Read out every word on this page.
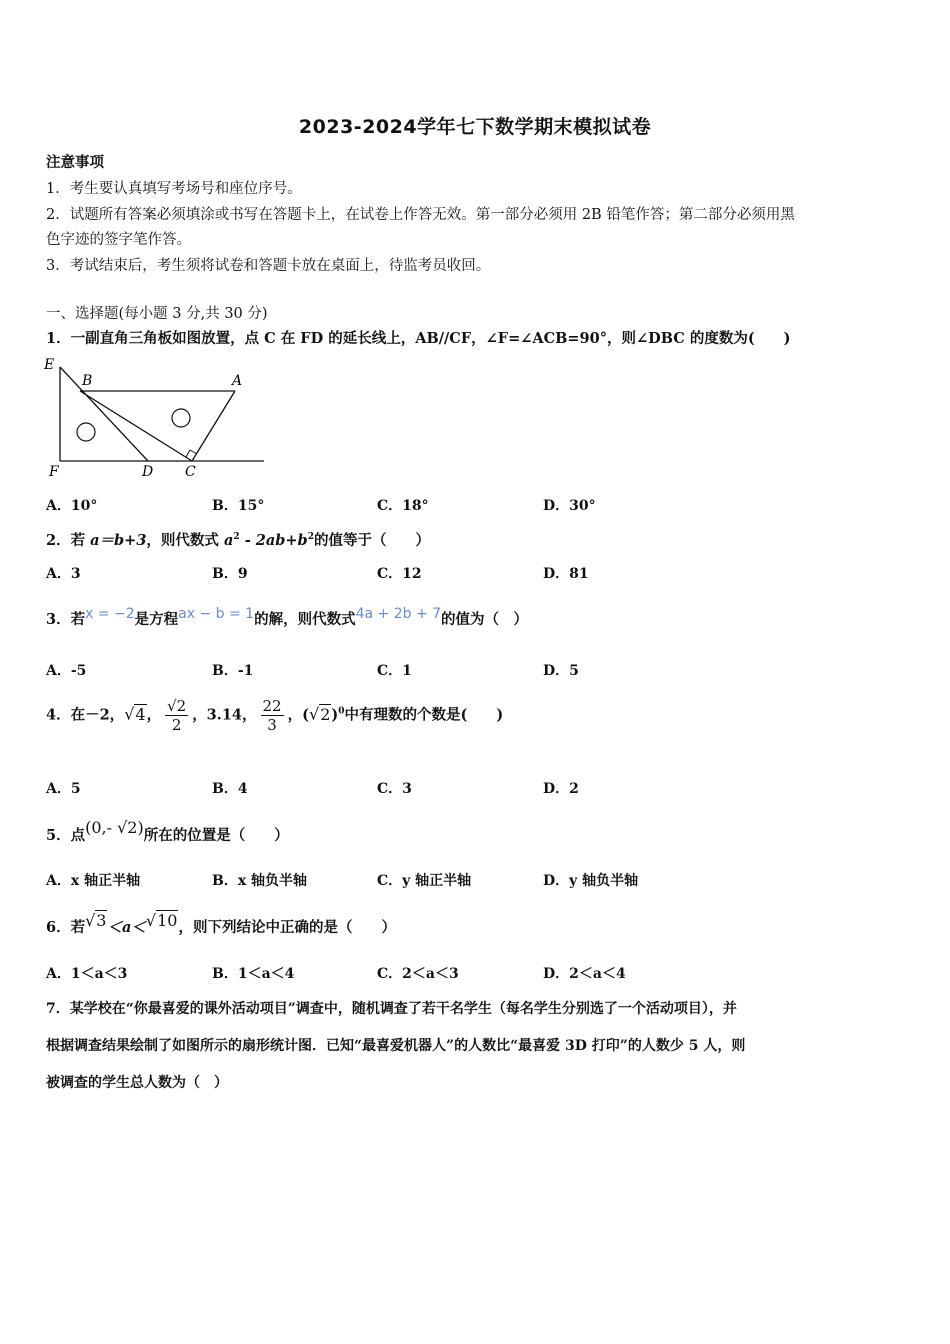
2023-2024学年七下数学期末模拟试卷
注意事项
1．考生要认真填写考场号和座位序号。
2．试题所有答案必须填涂或书写在答题卡上，在试卷上作答无效。第一部分必须用 2B 铅笔作答；第二部分必须用黑
色字迹的签字笔作答。
3．考试结束后，考生须将试卷和答题卡放在桌面上，待监考员收回。
一、选择题(每小题 3 分,共 30 分)
1．一副直角三角板如图放置，点 C 在 FD 的延长线上，AB//CF，∠F=∠ACB=90°，则∠DBC 的度数为(　　)
E
B	A
F	D C
A．10°	B．15°	C．18°	D．30°
2．若 a＝b+3，则代数式 $a^2 - 2ab+b^2$的值等于（　　）
A．3	B．9	C．12	D．81
3．若x = −2是方程ax − b = 1的解，则代数式4a + 2b + 7的值为（　）
A．-5	B．-1	C．1	D．5
4．在－2，√4， $\frac{√2}{2}$ ，3.14， $\frac{22}{3}$ ，$(√2)^0$中有理数的个数是(　　)
A．5	B．4	C．3	D．2
5．点(0,- √2)所在的位置是（　　）
A．x 轴正半轴	B．x 轴负半轴	C．y 轴正半轴	D．y 轴负半轴
6．若√3＜a＜√10，则下列结论中正确的是（　　）
A．1＜a＜3	B．1＜a＜4	C．2＜a＜3	D．2＜a＜4
7．某学校在“你最喜爱的课外活动项目”调查中，随机调查了若干名学生（每名学生分别选了一个活动项目），并
根据调查结果绘制了如图所示的扇形统计图．已知“最喜爱机器人”的人数比“最喜爱 3D 打印”的人数少 5 人，则
被调查的学生总人数为（　）
